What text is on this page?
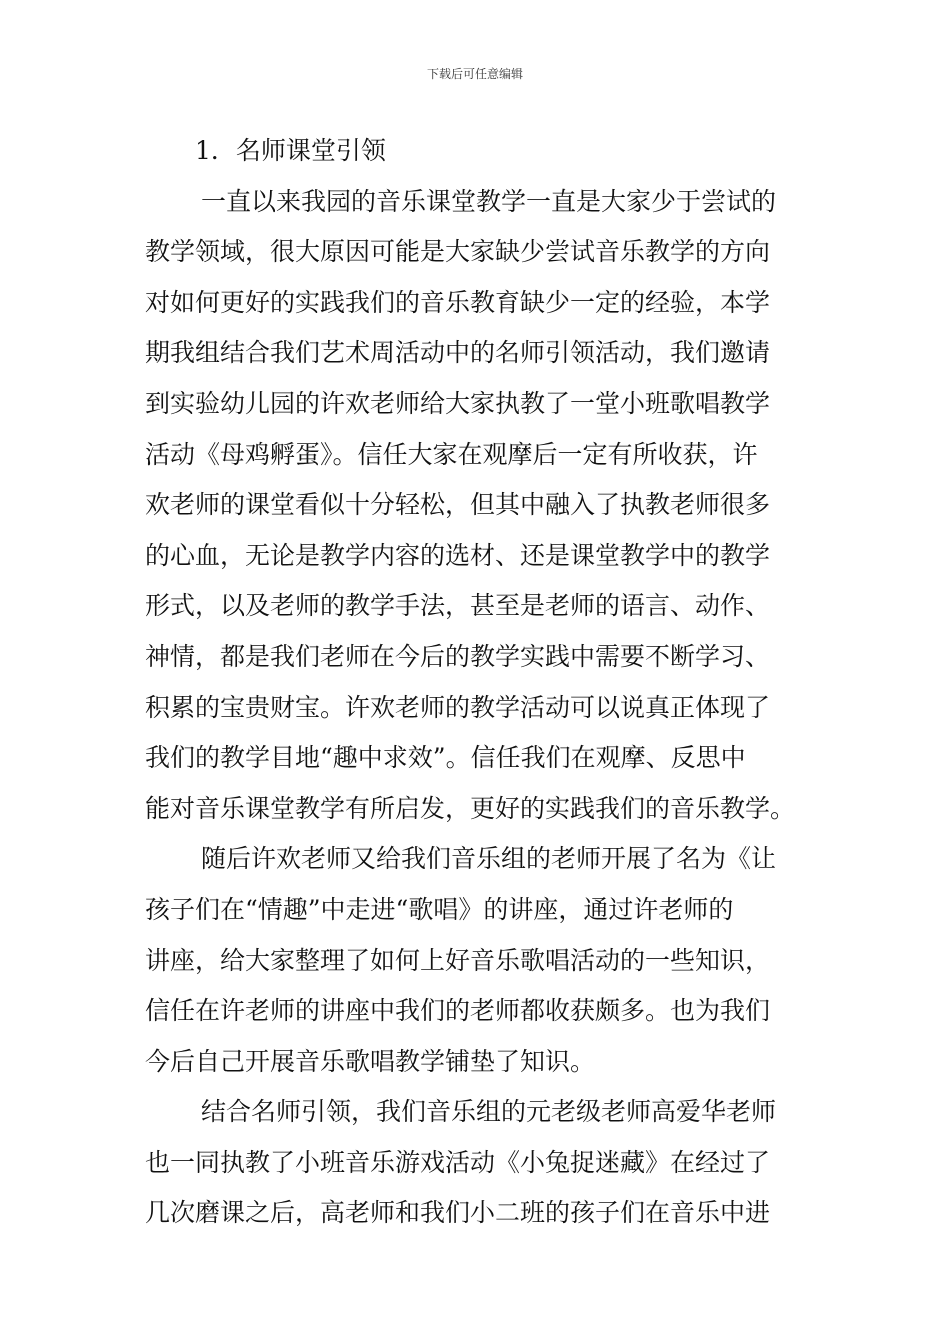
下载后可任意编辑
1．名师课堂引领
一直以来我园的音乐课堂教学一直是大家少于尝试的
教学领域，很大原因可能是大家缺少尝试音乐教学的方向
对如何更好的实践我们的音乐教育缺少一定的经验，本学
期我组结合我们艺术周活动中的名师引领活动，我们邀请
到实验幼儿园的许欢老师给大家执教了一堂小班歌唱教学
活动《母鸡孵蛋》。信任大家在观摩后一定有所收获，许
欢老师的课堂看似十分轻松，但其中融入了执教老师很多
的心血，无论是教学内容的选材、还是课堂教学中的教学
形式，以及老师的教学手法，甚至是老师的语言、动作、
神情，都是我们老师在今后的教学实践中需要不断学习、
积累的宝贵财宝。许欢老师的教学活动可以说真正体现了
我们的教学目地“趣中求效”。信任我们在观摩、反思中
能对音乐课堂教学有所启发，更好的实践我们的音乐教学。
随后许欢老师又给我们音乐组的老师开展了名为《让
孩子们在“情趣”中走进“歌唱》的讲座，通过许老师的
讲座，给大家整理了如何上好音乐歌唱活动的一些知识，
信任在许老师的讲座中我们的老师都收获颇多。也为我们
今后自己开展音乐歌唱教学铺垫了知识。
结合名师引领，我们音乐组的元老级老师高爱华老师
也一同执教了小班音乐游戏活动《小兔捉迷藏》在经过了
几次磨课之后，高老师和我们小二班的孩子们在音乐中进
